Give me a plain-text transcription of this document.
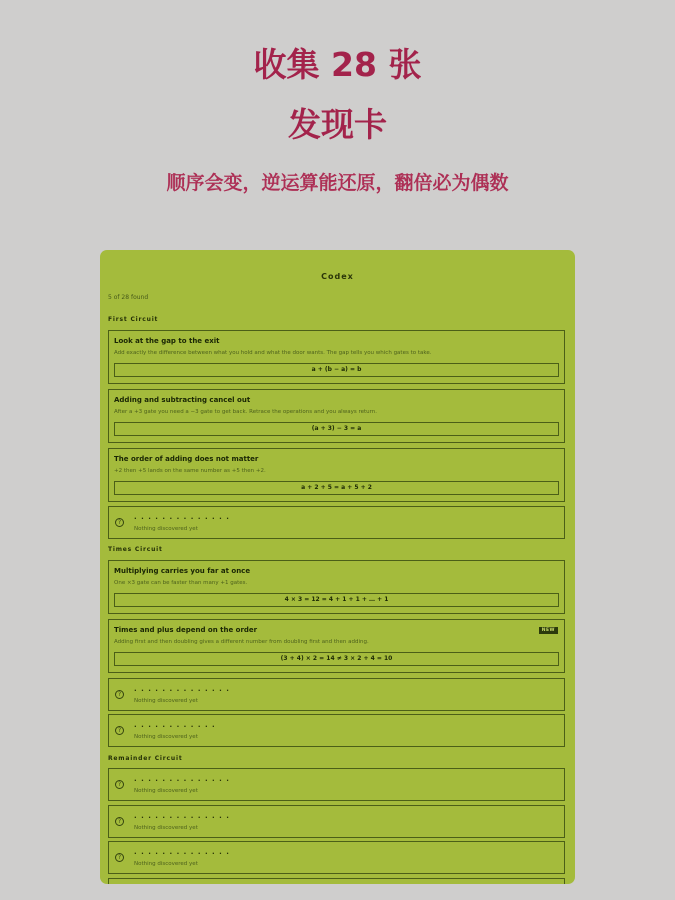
收集 28 张
发现卡
顺序会变，逆运算能还原，翻倍必为偶数
Codex
5 of 28 found
First Circuit
Look at the gap to the exit
Add exactly the difference between what you hold and what the door wants. The gap tells you which gates to take.
a + (b − a) = b
Adding and subtracting cancel out
After a +3 gate you need a −3 gate to get back. Retrace the operations and you always return.
(a + 3) − 3 = a
The order of adding does not matter
+2 then +5 lands on the same number as +5 then +2.
a + 2 + 5 = a + 5 + 2
?	· · · · · · · · · · · · · ·
Nothing discovered yet
Times Circuit
Multiplying carries you far at once
One ×3 gate can be faster than many +1 gates.
4 × 3 = 12 = 4 + 1 + 1 + … + 1
Times and plus depend on the order	NEW
Adding first and then doubling gives a different number from doubling first and then adding.
(3 + 4) × 2 = 14 ≠ 3 × 2 + 4 = 10
?	· · · · · · · · · · · · · ·
Nothing discovered yet
?	· · · · · · · · · · · ·
Nothing discovered yet
Remainder Circuit
?	· · · · · · · · · · · · · ·
Nothing discovered yet
?	· · · · · · · · · · · · · ·
Nothing discovered yet
?	· · · · · · · · · · · · · ·
Nothing discovered yet
